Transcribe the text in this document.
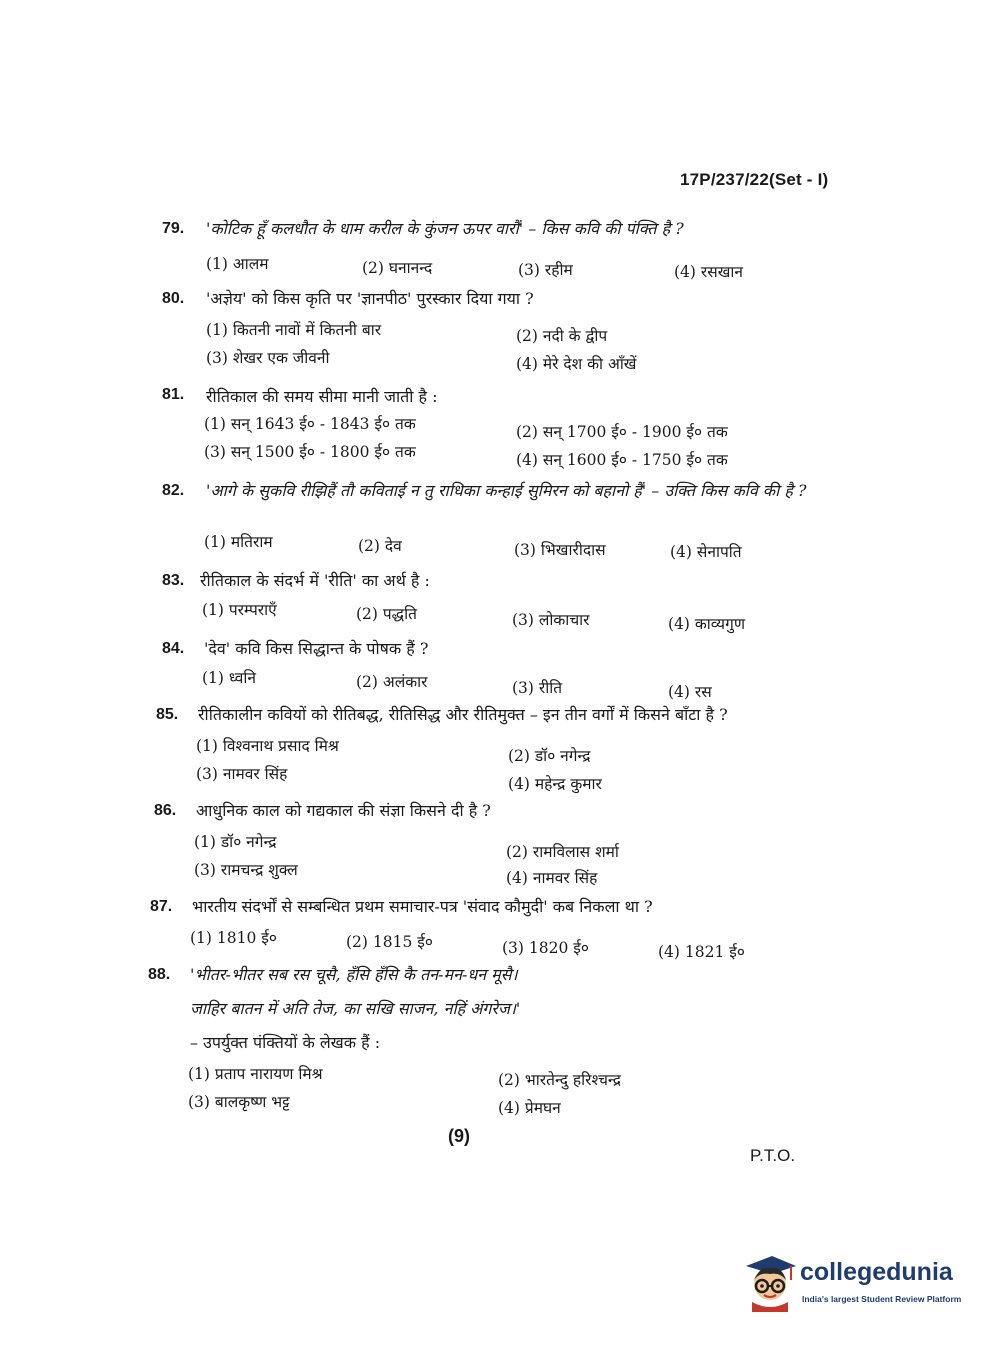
17P/237/22(Set - I)
79. 'कोटिक हूँ कलधौत के धाम करील के कुंजन ऊपर वारौं' – किस कवि की पंक्ति है ?
(1) आलम	(2) घनानन्द	(3) रहीम	(4) रसखान
80. 'अज्ञेय' को किस कृति पर 'ज्ञानपीठ' पुरस्कार दिया गया ?
(1) कितनी नावों में कितनी बार	(2) नदी के द्वीप
(3) शेखर एक जीवनी	(4) मेरे देश की आँखें
81. रीतिकाल की समय सीमा मानी जाती है :
(1) सन् 1643 ई० - 1843 ई० तक	(2) सन् 1700 ई० - 1900 ई० तक
(3) सन् 1500 ई० - 1800 ई० तक	(4) सन् 1600 ई० - 1750 ई० तक
82. 'आगे के सुकवि रीझिहैं तौ कविताई न तु राधिका कन्हाई सुमिरन को बहानो हैं' – उक्ति किस कवि की है ?
(1) मतिराम	(2) देव	(3) भिखारीदास	(4) सेनापति
83. रीतिकाल के संदर्भ में 'रीति' का अर्थ है :
(1) परम्पराएँ	(2) पद्धति	(3) लोकाचार	(4) काव्यगुण
84. 'देव' कवि किस सिद्धान्त के पोषक हैं ?
(1) ध्वनि	(2) अलंकार	(3) रीति	(4) रस
85. रीतिकालीन कवियों को रीतिबद्ध, रीतिसिद्ध और रीतिमुक्त – इन तीन वर्गों में किसने बाँटा है ?
(1) विश्वनाथ प्रसाद मिश्र
(2) डॉ० नगेन्द्र
(3) नामवर सिंह
(4) महेन्द्र कुमार
86. आधुनिक काल को गद्यकाल की संज्ञा किसने दी है ?
(1) डॉ० नगेन्द्र
(2) रामविलास शर्मा
(3) रामचन्द्र शुक्ल	(4) नामवर सिंह
87. भारतीय संदर्भों से सम्बन्धित प्रथम समाचार-पत्र 'संवाद कौमुदी' कब निकला था ?
(1) 1810 ई०	(2) 1815 ई०	(3) 1820 ई०	(4) 1821 ई०
88. 'भीतर-भीतर सब रस चूसै, हँसि हँसि कै तन-मन-धन मूसै।
जाहिर बातन में अति तेज, का सखि साजन, नहिं अंगरेज।'
– उपर्युक्त पंक्तियों के लेखक हैं :
(1) प्रताप नारायण मिश्र	(2) भारतेन्दु हरिश्चन्द्र
(3) बालकृष्ण भट्ट	(4) प्रेमघन
(9)
P.T.O.
collegedunia
India's largest Student Review Platform
